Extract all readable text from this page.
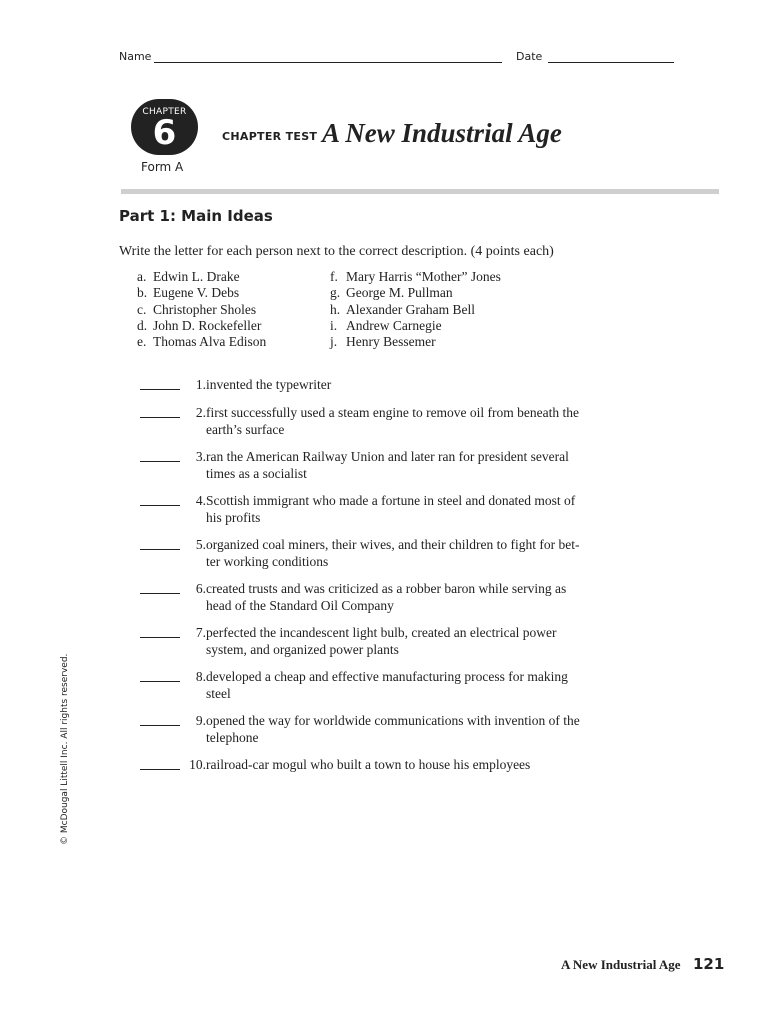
Name	Date
CHAPTER
6
Form A
CHAPTER TEST A New Industrial Age
Part 1: Main Ideas
Write the letter for each person next to the correct description. (4 points each)
a. Edwin L. Drake
b. Eugene V. Debs
c. Christopher Sholes
d. John D. Rockefeller
e. Thomas Alva Edison
f. Mary Harris “Mother” Jones
g. George M. Pullman
h. Alexander Graham Bell
i. Andrew Carnegie
j. Henry Bessemer
1. invented the typewriter
2. first successfully used a steam engine to remove oil from beneath the
earth’s surface
3. ran the American Railway Union and later ran for president several
times as a socialist
4. Scottish immigrant who made a fortune in steel and donated most of
his profits
5. organized coal miners, their wives, and their children to fight for bet-
ter working conditions
6. created trusts and was criticized as a robber baron while serving as
head of the Standard Oil Company
7. perfected the incandescent light bulb, created an electrical power
system, and organized power plants
8. developed a cheap and effective manufacturing process for making
steel
9. opened the way for worldwide communications with invention of the
telephone
10. railroad-car mogul who built a town to house his employees
© McDougal Littell Inc. All rights reserved.
A New Industrial Age 121
